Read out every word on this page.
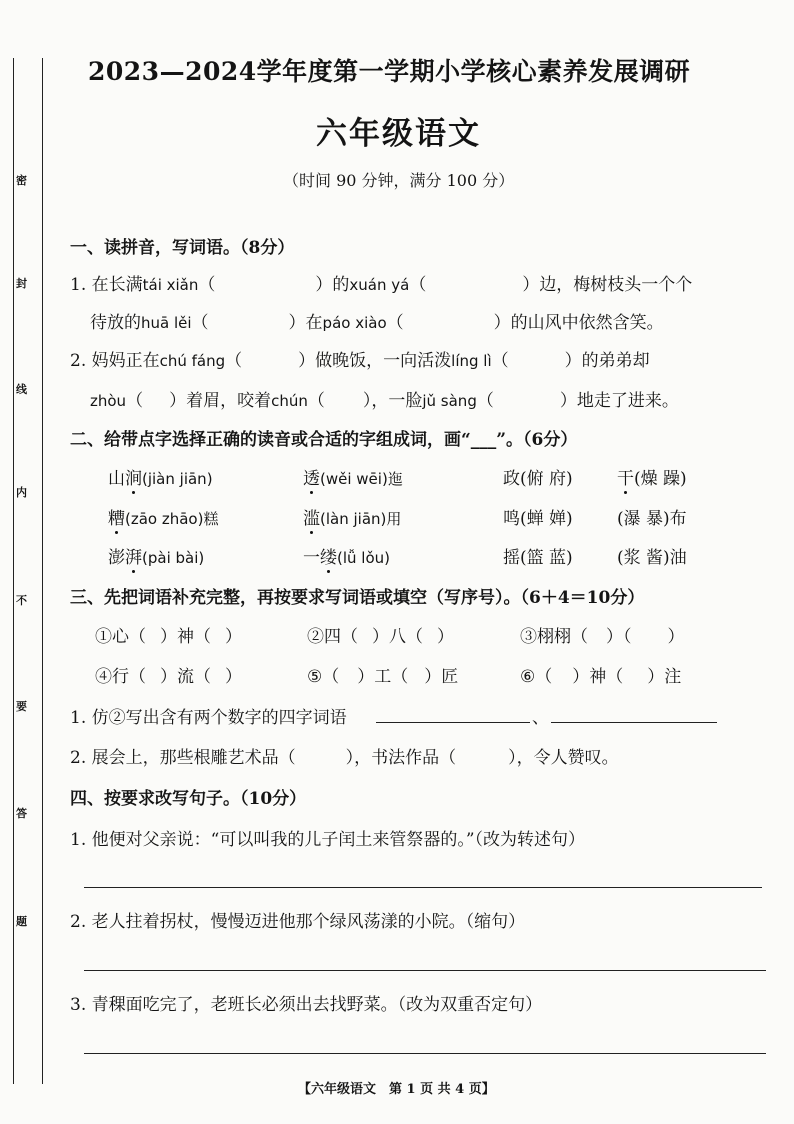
密
封
线
内
不
要
答
题
2023—2024学年度第一学期小学核心素养发展调研
六年级语文
（时间 90 分钟，满分 100 分）
一、读拼音，写词语。（8分）
1. 在长满tái xiǎn（	）的xuán yá（	）边，梅树枝头一个个
待放的huā lěi（	）在páo xiào（	）的山风中依然含笑。
2. 妈妈正在chú fáng（	）做晚饭，一向活泼líng lì（	）的弟弟却
zhòu（ ）着眉，咬着chún（ ），一脸jǔ sàng（	）地走了进来。
二、给带点字选择正确的读音或合适的字组成词，画“___”。（6分）
山涧(jiàn jiān)	透(wěi wēi)迤	政(俯 府)	干(燥 躁)
糟(zāo zhāo)糕	滥(làn jiān)用	鸣(蝉 婵)	(瀑 暴)布
澎湃(pài bài)	一缕(lǚ lǒu)	摇(篮 蓝)	(浆 酱)油
三、先把词语补充完整，再按要求写词语或填空（写序号）。（6＋4＝10分）
①心（ ）神（ ）	②四（ ）八（ ）	③栩栩（ ）（ ）
④行（ ）流（ ）	⑤（ ）工（ ）匠	⑥（ ）神（ ）注
1. 仿②写出含有两个数字的四字词语	、
2. 展会上，那些根雕艺术品（	），书法作品（	），令人赞叹。
四、按要求改写句子。（10分）
1. 他便对父亲说：“可以叫我的儿子闰土来管祭器的。”（改为转述句）
2. 老人拄着拐杖，慢慢迈进他那个绿风荡漾的小院。（缩句）
3. 青稞面吃完了，老班长必须出去找野菜。（改为双重否定句）
【六年级语文　第 1 页 共 4 页】
